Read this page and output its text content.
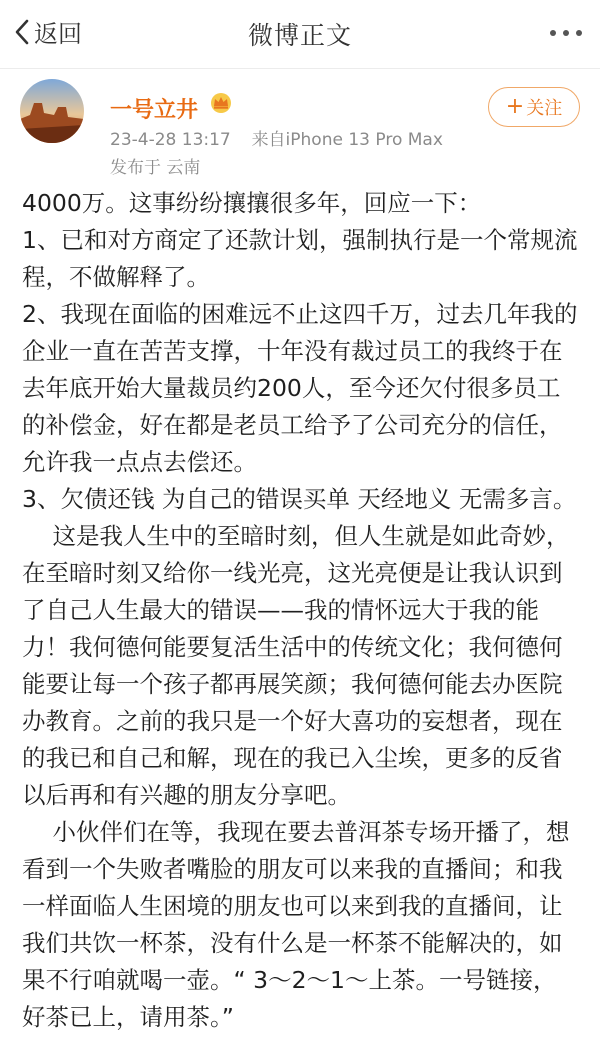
返回	微博正文
一号立井
23-4-28 13:17 来自iPhone 13 Pro Max
发布于 云南
+ 关注

4000万。这事纷纷攘攘很多年，回应一下：

1、已和对方商定了还款计划，强制执行是一个常规流程，不做解释了。

2、我现在面临的困难远不止这四千万，过去几年我的企业一直在苦苦支撑，十年没有裁过员工的我终于在去年底开始大量裁员约200人，至今还欠付很多员工的补偿金，好在都是老员工给予了公司充分的信任，允许我一点点去偿还。

3、欠债还钱 为自己的错误买单 天经地义 无需多言。

这是我人生中的至暗时刻，但人生就是如此奇妙，在至暗时刻又给你一线光亮，这光亮便是让我认识到了自己人生最大的错误——我的情怀远大于我的能力！我何德何能要复活生活中的传统文化；我何德何能要让每一个孩子都再展笑颜；我何德何能去办医院办教育。之前的我只是一个好大喜功的妄想者，现在的我已和自己和解，现在的我已入尘埃，更多的反省以后再和有兴趣的朋友分享吧。

小伙伴们在等，我现在要去普洱茶专场开播了，想看到一个失败者嘴脸的朋友可以来我的直播间；和我一样面临人生困境的朋友也可以来到我的直播间，让我们共饮一杯茶，没有什么是一杯茶不能解决的，如果不行咱就喝一壶。“ 3～2～1～上茶。一号链接，好茶已上，请用茶。”
